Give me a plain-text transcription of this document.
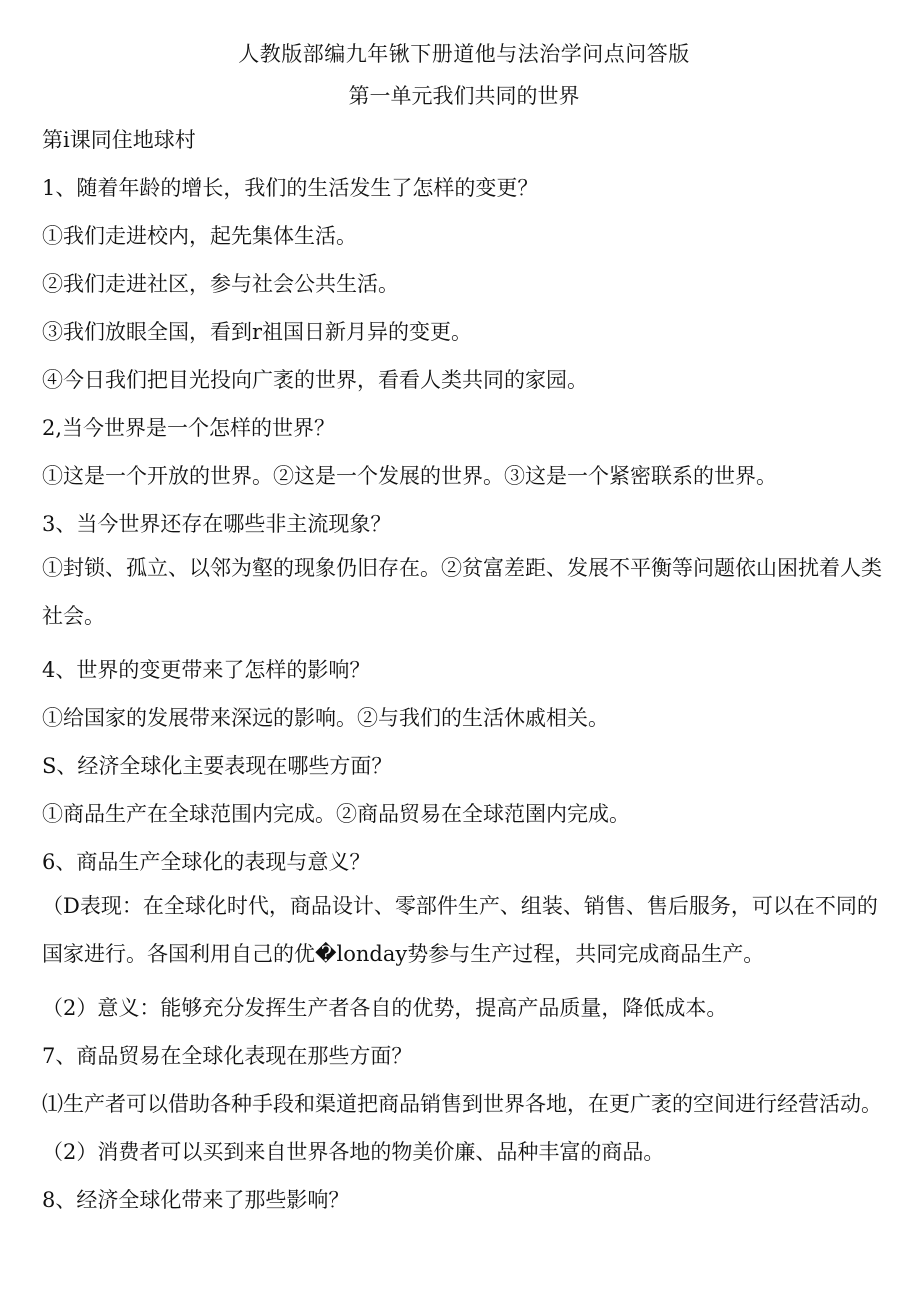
人教版部编九年锹下册道他与法治学问点问答版
第一单元我们共同的世界
第i课同住地球村
1、随着年龄的增长，我们的生活发生了怎样的变更？
①我们走进校内，起先集体生活。
②我们走进社区，参与社会公共生活。
③我们放眼全国，看到r祖国日新月异的变更。
④今日我们把目光投向广袤的世界，看看人类共同的家园。
2,当今世界是一个怎样的世界？
①这是一个开放的世界。②这是一个发展的世界。③这是一个紧密联系的世界。
3、当今世界还存在哪些非主流现象？
①封锁、孤立、以邻为壑的现象仍旧存在。②贫富差距、发展不平衡等问题依山困扰着人类社会。
4、世界的变更带来了怎样的影响？
①给国家的发展带来深远的影响。②与我们的生活休戚相关。
S、经济全球化主要表现在哪些方面？
①商品生产在全球范围内完成。②商品贸易在全球范圉内完成。
6、商品生产全球化的表现与意义？
（D表现：在全球化时代，商品设计、零部件生产、组装、销售、售后服务，可以在不同的国家进行。各国利用自己的优�londay势参与生产过程，共同完成商品生产。
（2）意义：能够充分发挥生产者各自的优势，提高产品质量，降低成本。
7、商品贸易在全球化表现在那些方面？
⑴生产者可以借助各种手段和渠道把商品销售到世界各地，在更广袤的空间进行经营活动。
（2）消费者可以买到来自世界各地的物美价廉、品种丰富的商品。
8、经济全球化带来了那些影响？
